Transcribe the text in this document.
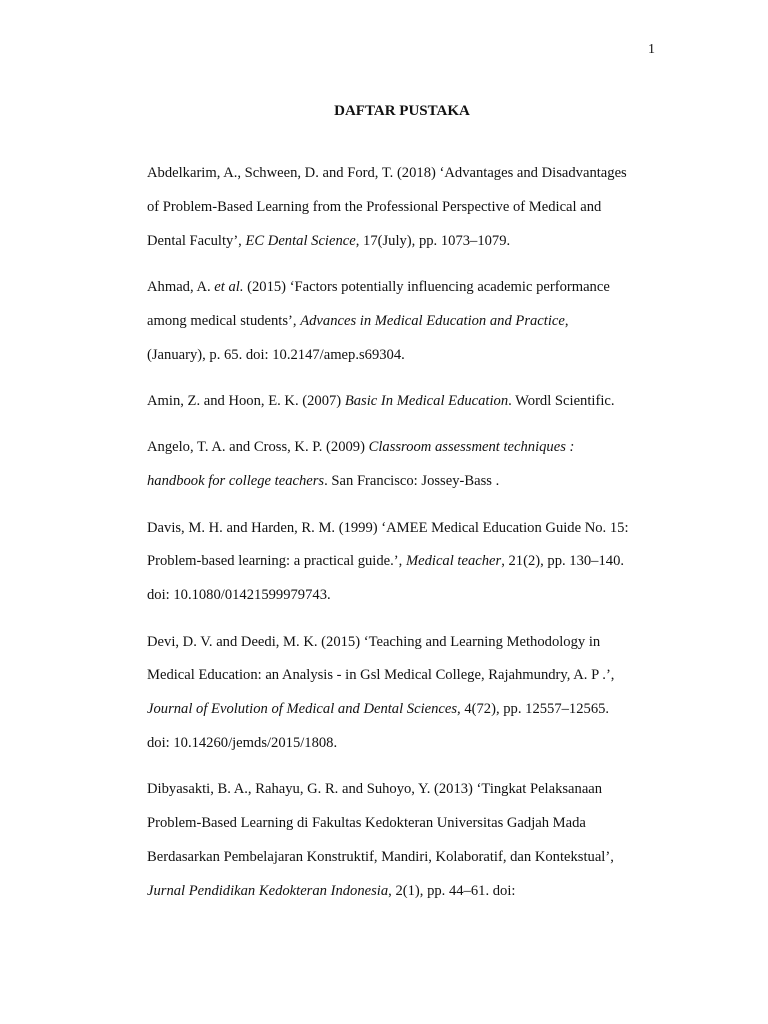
1
DAFTAR PUSTAKA
Abdelkarim, A., Schween, D. and Ford, T. (2018) ‘Advantages and Disadvantages
of Problem-Based Learning from the Professional Perspective of Medical and
Dental Faculty’, EC Dental Science, 17(July), pp. 1073–1079.
Ahmad, A. et al. (2015) ‘Factors potentially influencing academic performance
among medical students’, Advances in Medical Education and Practice,
(January), p. 65. doi: 10.2147/amep.s69304.
Amin, Z. and Hoon, E. K. (2007) Basic In Medical Education. Wordl Scientific.
Angelo, T. A. and Cross, K. P. (2009) Classroom assessment techniques :
handbook for college teachers. San Francisco: Jossey-Bass .
Davis, M. H. and Harden, R. M. (1999) ‘AMEE Medical Education Guide No. 15:
Problem-based learning: a practical guide.’, Medical teacher, 21(2), pp. 130–140.
doi: 10.1080/01421599979743.
Devi, D. V. and Deedi, M. K. (2015) ‘Teaching and Learning Methodology in
Medical Education: an Analysis - in Gsl Medical College, Rajahmundry, A. P .’,
Journal of Evolution of Medical and Dental Sciences, 4(72), pp. 12557–12565.
doi: 10.14260/jemds/2015/1808.
Dibyasakti, B. A., Rahayu, G. R. and Suhoyo, Y. (2013) ‘Tingkat Pelaksanaan
Problem-Based Learning di Fakultas Kedokteran Universitas Gadjah Mada
Berdasarkan Pembelajaran Konstruktif, Mandiri, Kolaboratif, dan Kontekstual’,
Jurnal Pendidikan Kedokteran Indonesia, 2(1), pp. 44–61. doi:
